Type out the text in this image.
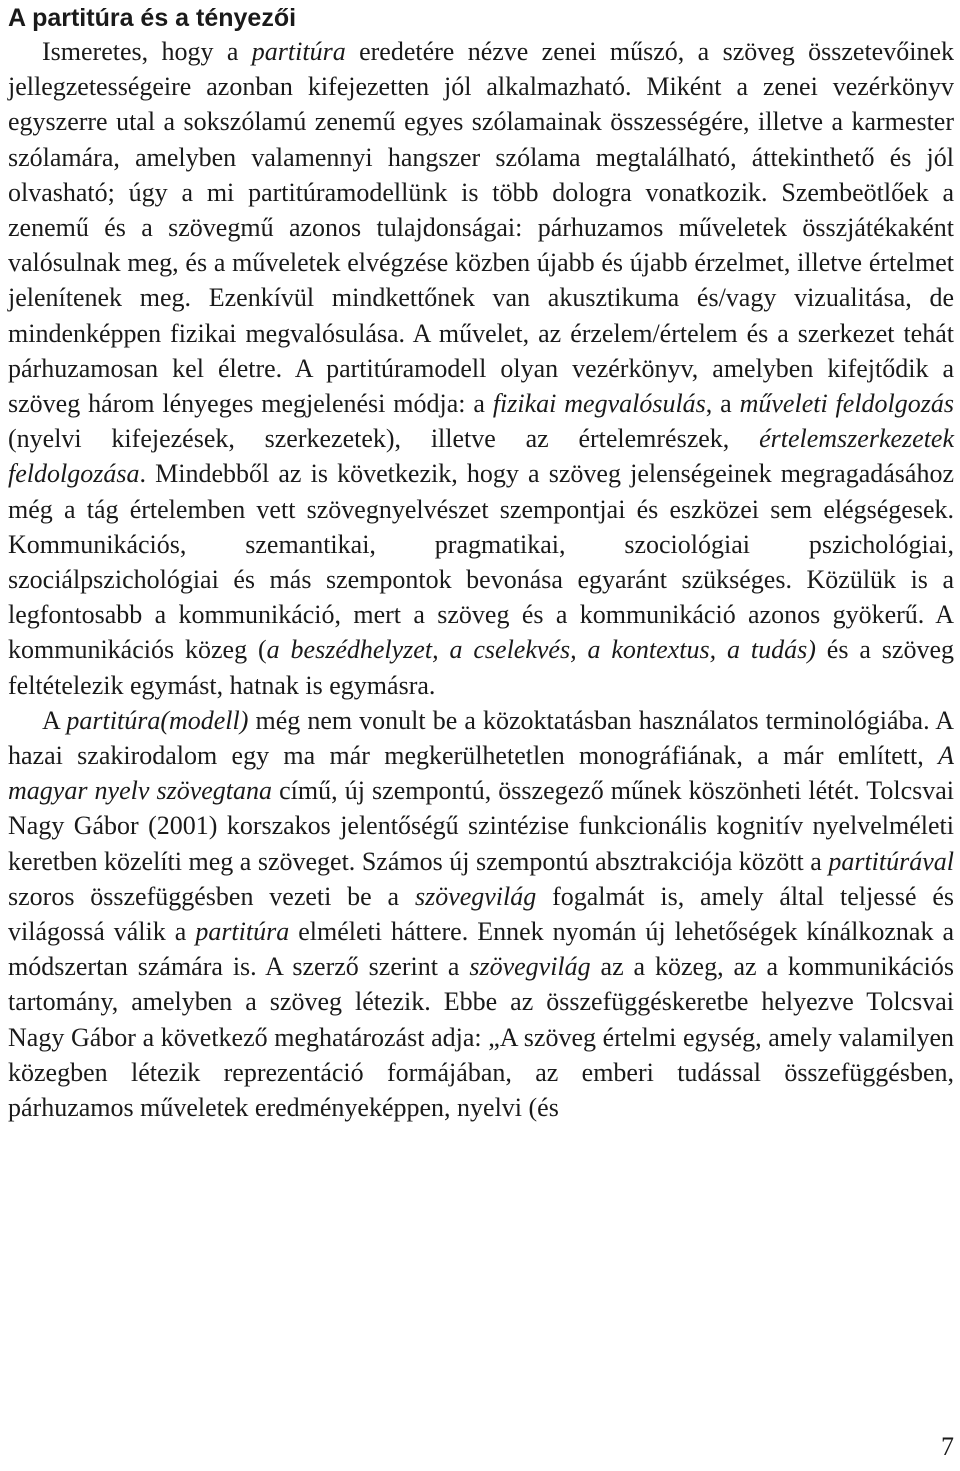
A partitúra és a tényezői

Ismeretes, hogy a partitúra eredetére nézve zenei műszó, a szöveg összetevőinek jellegzetességeire azonban kifejezetten jól alkalmazható. Miként a zenei vezérkönyv egyszerre utal a sokszólamú zenemű egyes szólamainak összességére, illetve a karmester szólamára, amelyben valamennyi hangszer szólama megtalálható, áttekinthető és jól olvasható; úgy a mi partitúramodellünk is több dologra vonatkozik. Szembeötlőek a zenemű és a szövegmű azonos tulajdonságai: párhuzamos műveletek összjátékaként valósulnak meg, és a műveletek elvégzése közben újabb és újabb érzelmet, illetve értelmet jelenítenek meg. Ezenkívül mindkettőnek van akusztikuma és/vagy vizualitása, de mindenképpen fizikai megvalósulása. A művelet, az érzelem/értelem és a szerkezet tehát párhuzamosan kel életre. A partitúramodell olyan vezérkönyv, amelyben kifejtődik a szöveg három lényeges megjelenési módja: a fizikai megvalósulás, a műveleti feldolgozás (nyelvi kifejezések, szerkezetek), illetve az értelemrészek, értelemszerkezetek feldolgozása. Mindebből az is következik, hogy a szöveg jelenségeinek megragadásához még a tág értelemben vett szövegnyelvészet szempontjai és eszközei sem elégségesek. Kommunikációs, szemantikai, pragmatikai, szociológiai pszichológiai, szociálpszichológiai és más szempontok bevonása egyaránt szükséges. Közülük is a legfontosabb a kommunikáció, mert a szöveg és a kommunikáció azonos gyökerű. A kommunikációs közeg (a beszédhelyzet, a cselekvés, a kontextus, a tudás) és a szöveg feltételezik egymást, hatnak is egymásra.

A partitúra(modell) még nem vonult be a közoktatásban használatos terminológiába. A hazai szakirodalom egy ma már megkerülhetetlen monográfiának, a már említett, A magyar nyelv szövegtana című, új szempontú, összegező műnek köszönheti létét. Tolcsvai Nagy Gábor (2001) korszakos jelentőségű szintézise funkcionális kognitív nyelvelméleti keretben közelíti meg a szöveget. Számos új szempontú absztrakciója között a partitúrával szoros összefüggésben vezeti be a szövegvilág fogalmát is, amely által teljessé és világossá válik a partitúra elméleti háttere. Ennek nyomán új lehetőségek kínálkoznak a módszertan számára is. A szerző szerint a szövegvilág az a közeg, az a kommunikációs tartomány, amelyben a szöveg létezik. Ebbe az összefüggéskeretbe helyezve Tolcsvai Nagy Gábor a következő meghatározást adja: „A szöveg értelmi egység, amely valamilyen közegben létezik reprezentáció formájában, az emberi tudással összefüggésben, párhuzamos műveletek eredményeképpen, nyelvi (és

7
